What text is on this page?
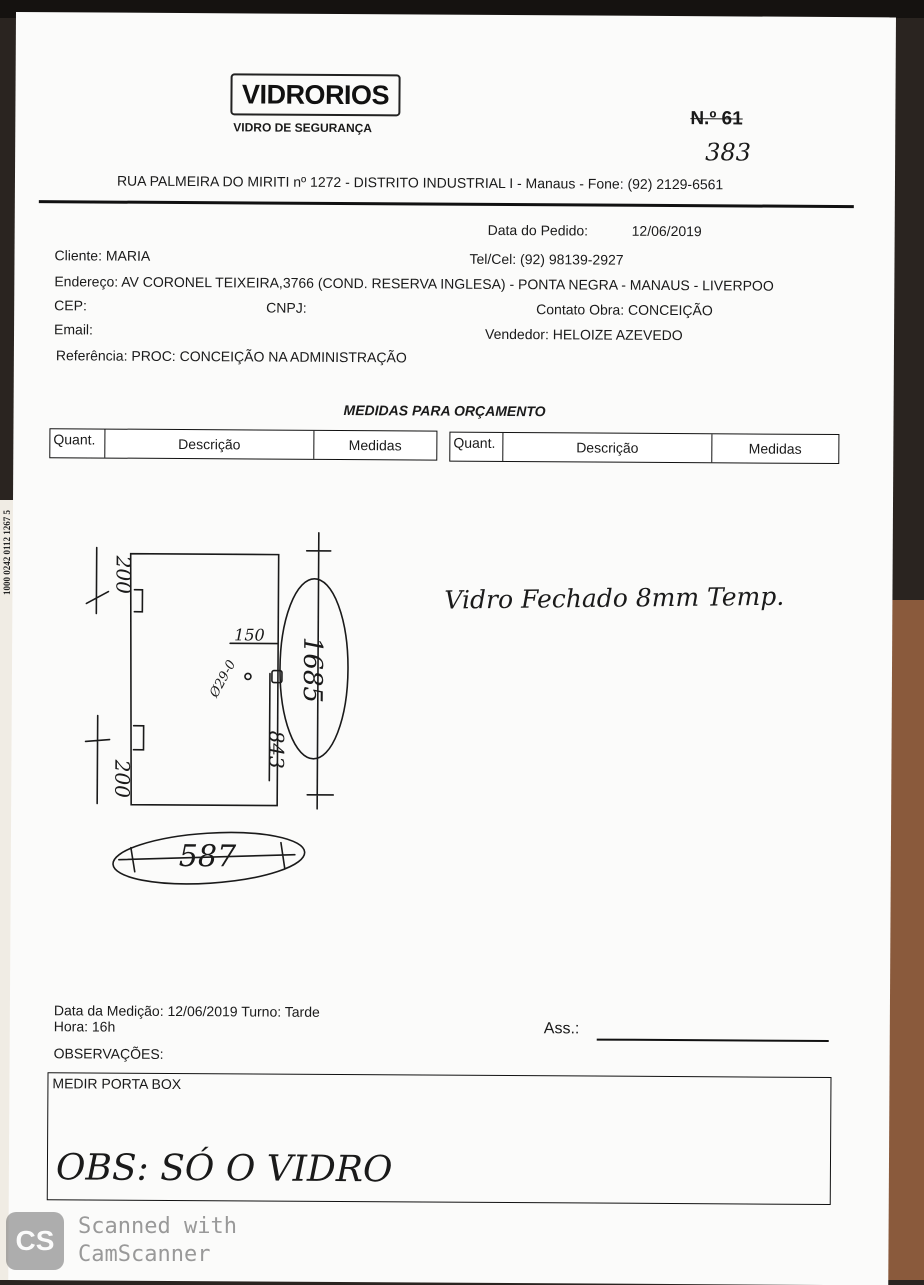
1000 0242 0112 1267 5
VIDRORIOS
VIDRO DE SEGURANÇA	N.º 61
383
RUA PALMEIRA DO MIRITI nº 1272 - DISTRITO INDUSTRIAL I - Manaus - Fone: (92) 2129-6561
Data do Pedido:	12/06/2019
Cliente: MARIA	Tel/Cel: (92) 98139-2927
Endereço: AV CORONEL TEIXEIRA,3766 (COND. RESERVA INGLESA) - PONTA NEGRA - MANAUS - LIVERPOO
CEP:	CNPJ:	Contato Obra: CONCEIÇÃO
Email:	Vendedor: HELOIZE AZEVEDO
Referência: PROC: CONCEIÇÃO NA ADMINISTRAÇÃO
MEDIDAS PARA ORÇAMENTO
Quant.	Descrição	Medidas	Quant.	Descrição	Medidas
200
200
150
Ø29-0
843
1685
587
Vidro Fechado 8mm Temp.
Data da Medição: 12/06/2019 Turno: Tarde
Hora: 16h	Ass.:
OBSERVAÇÕES:
MEDIR PORTA BOX
OBS: SÓ O VIDRO
CS	Scanned with
CamScanner
